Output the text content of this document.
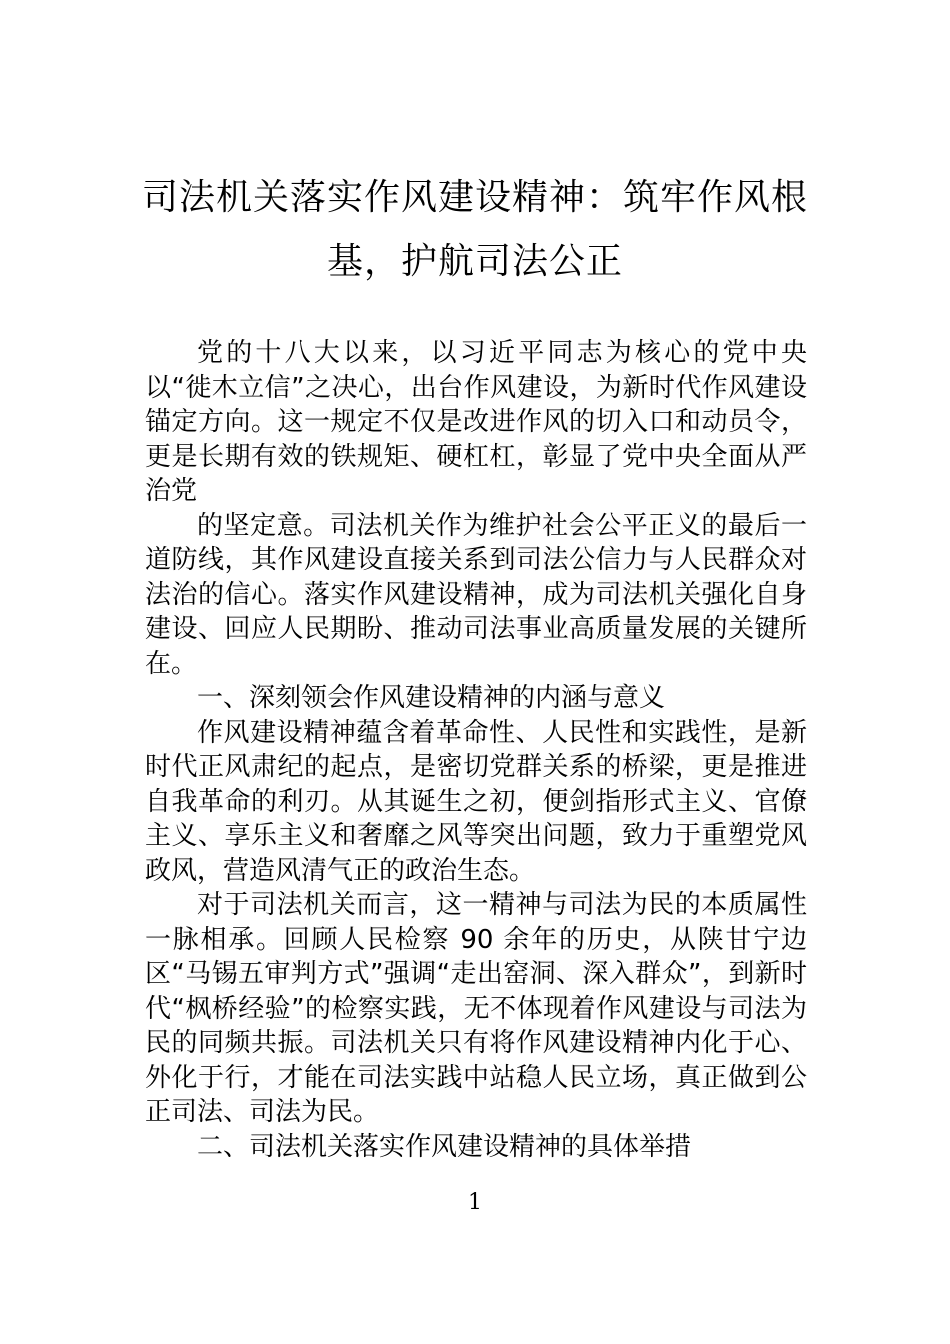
司法机关落实作风建设精神：筑牢作风根
基，护航司法公正

党的十八大以来，以习近平同志为核心的党中央以“徙木立信”之决心，出台作风建设，为新时代作风建设锚定方向。这一规定不仅是改进作风的切入口和动员令，更是长期有效的铁规矩、硬杠杠，彰显了党中央全面从严治党

的坚定意。司法机关作为维护社会公平正义的最后一道防线，其作风建设直接关系到司法公信力与人民群众对法治的信心。落实作风建设精神，成为司法机关强化自身建设、回应人民期盼、推动司法事业高质量发展的关键所在。

一、深刻领会作风建设精神的内涵与意义

作风建设精神蕴含着革命性、人民性和实践性，是新时代正风肃纪的起点，是密切党群关系的桥梁，更是推进自我革命的利刃。从其诞生之初，便剑指形式主义、官僚主义、享乐主义和奢靡之风等突出问题，致力于重塑党风政风，营造风清气正的政治生态。

对于司法机关而言，这一精神与司法为民的本质属性一脉相承。回顾人民检察 90 余年的历史，从陕甘宁边区“马锡五审判方式”强调“走出窑洞、深入群众”，到新时代“枫桥经验”的检察实践，无不体现着作风建设与司法为民的同频共振。司法机关只有将作风建设精神内化于心、外化于行，才能在司法实践中站稳人民立场，真正做到公正司法、司法为民。

二、司法机关落实作风建设精神的具体举措

1
